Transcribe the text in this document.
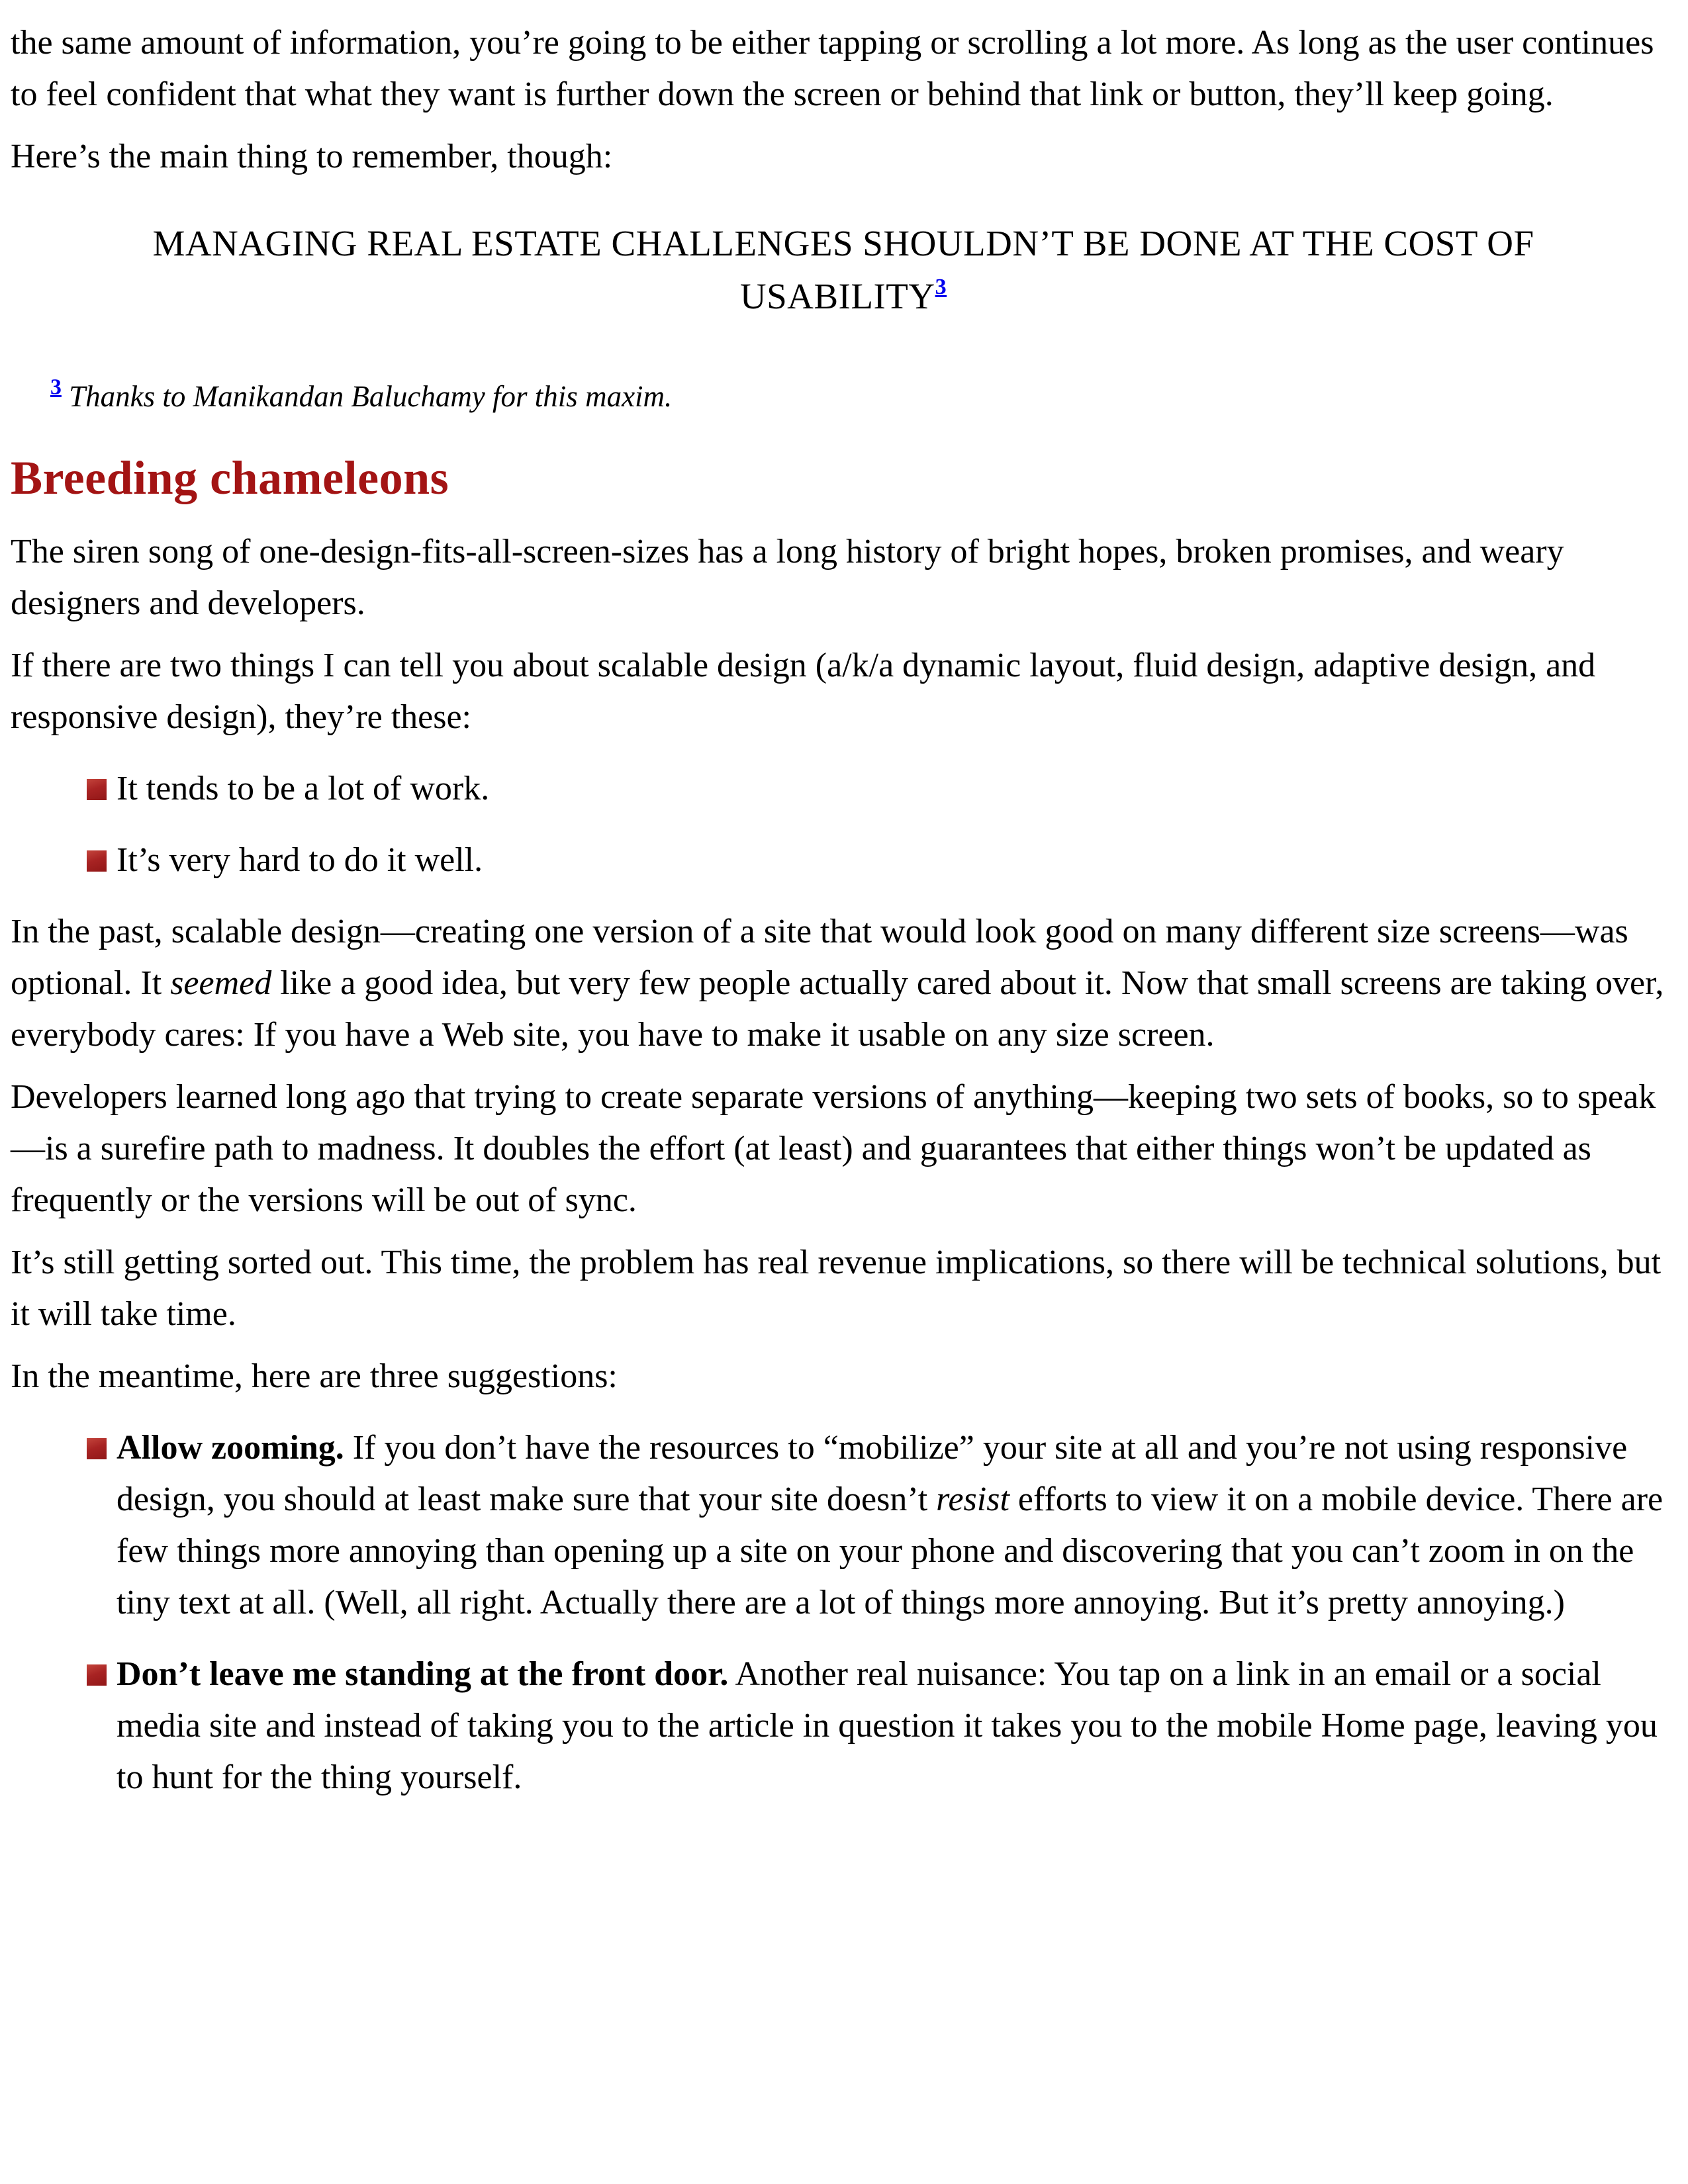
the same amount of information, you’re going to be either tapping or scrolling a lot more. As long as the user continues to feel confident that what they want is further down the screen or behind that link or button, they’ll keep going.

Here’s the main thing to remember, though:

MANAGING REAL ESTATE CHALLENGES SHOULDN’T BE DONE AT THE COST OF USABILITY$^3$
$^3$ Thanks to Manikandan Baluchamy for this maxim.
Breeding chameleons

The siren song of one-design-fits-all-screen-sizes has a long history of bright hopes, broken promises, and weary designers and developers.

If there are two things I can tell you about scalable design (a/k/a dynamic layout, fluid design, adaptive design, and responsive design), they’re these:

It tends to be a lot of work.
It’s very hard to do it well.

In the past, scalable design—creating one version of a site that would look good on many different size screens—was optional. It seemed like a good idea, but very few people actually cared about it. Now that small screens are taking over, everybody cares: If you have a Web site, you have to make it usable on any size screen.

Developers learned long ago that trying to create separate versions of anything—keeping two sets of books, so to speak—is a surefire path to madness. It doubles the effort (at least) and guarantees that either things won’t be updated as frequently or the versions will be out of sync.

It’s still getting sorted out. This time, the problem has real revenue implications, so there will be technical solutions, but it will take time.

In the meantime, here are three suggestions:

Allow zooming. If you don’t have the resources to “mobilize” your site at all and you’re not using responsive design, you should at least make sure that your site doesn’t resist efforts to view it on a mobile device. There are few things more annoying than opening up a site on your phone and discovering that you can’t zoom in on the tiny text at all. (Well, all right. Actually there are a lot of things more annoying. But it’s pretty annoying.)
Don’t leave me standing at the front door. Another real nuisance: You tap on a link in an email or a social media site and instead of taking you to the article in question it takes you to the mobile Home page, leaving you to hunt for the thing yourself.
